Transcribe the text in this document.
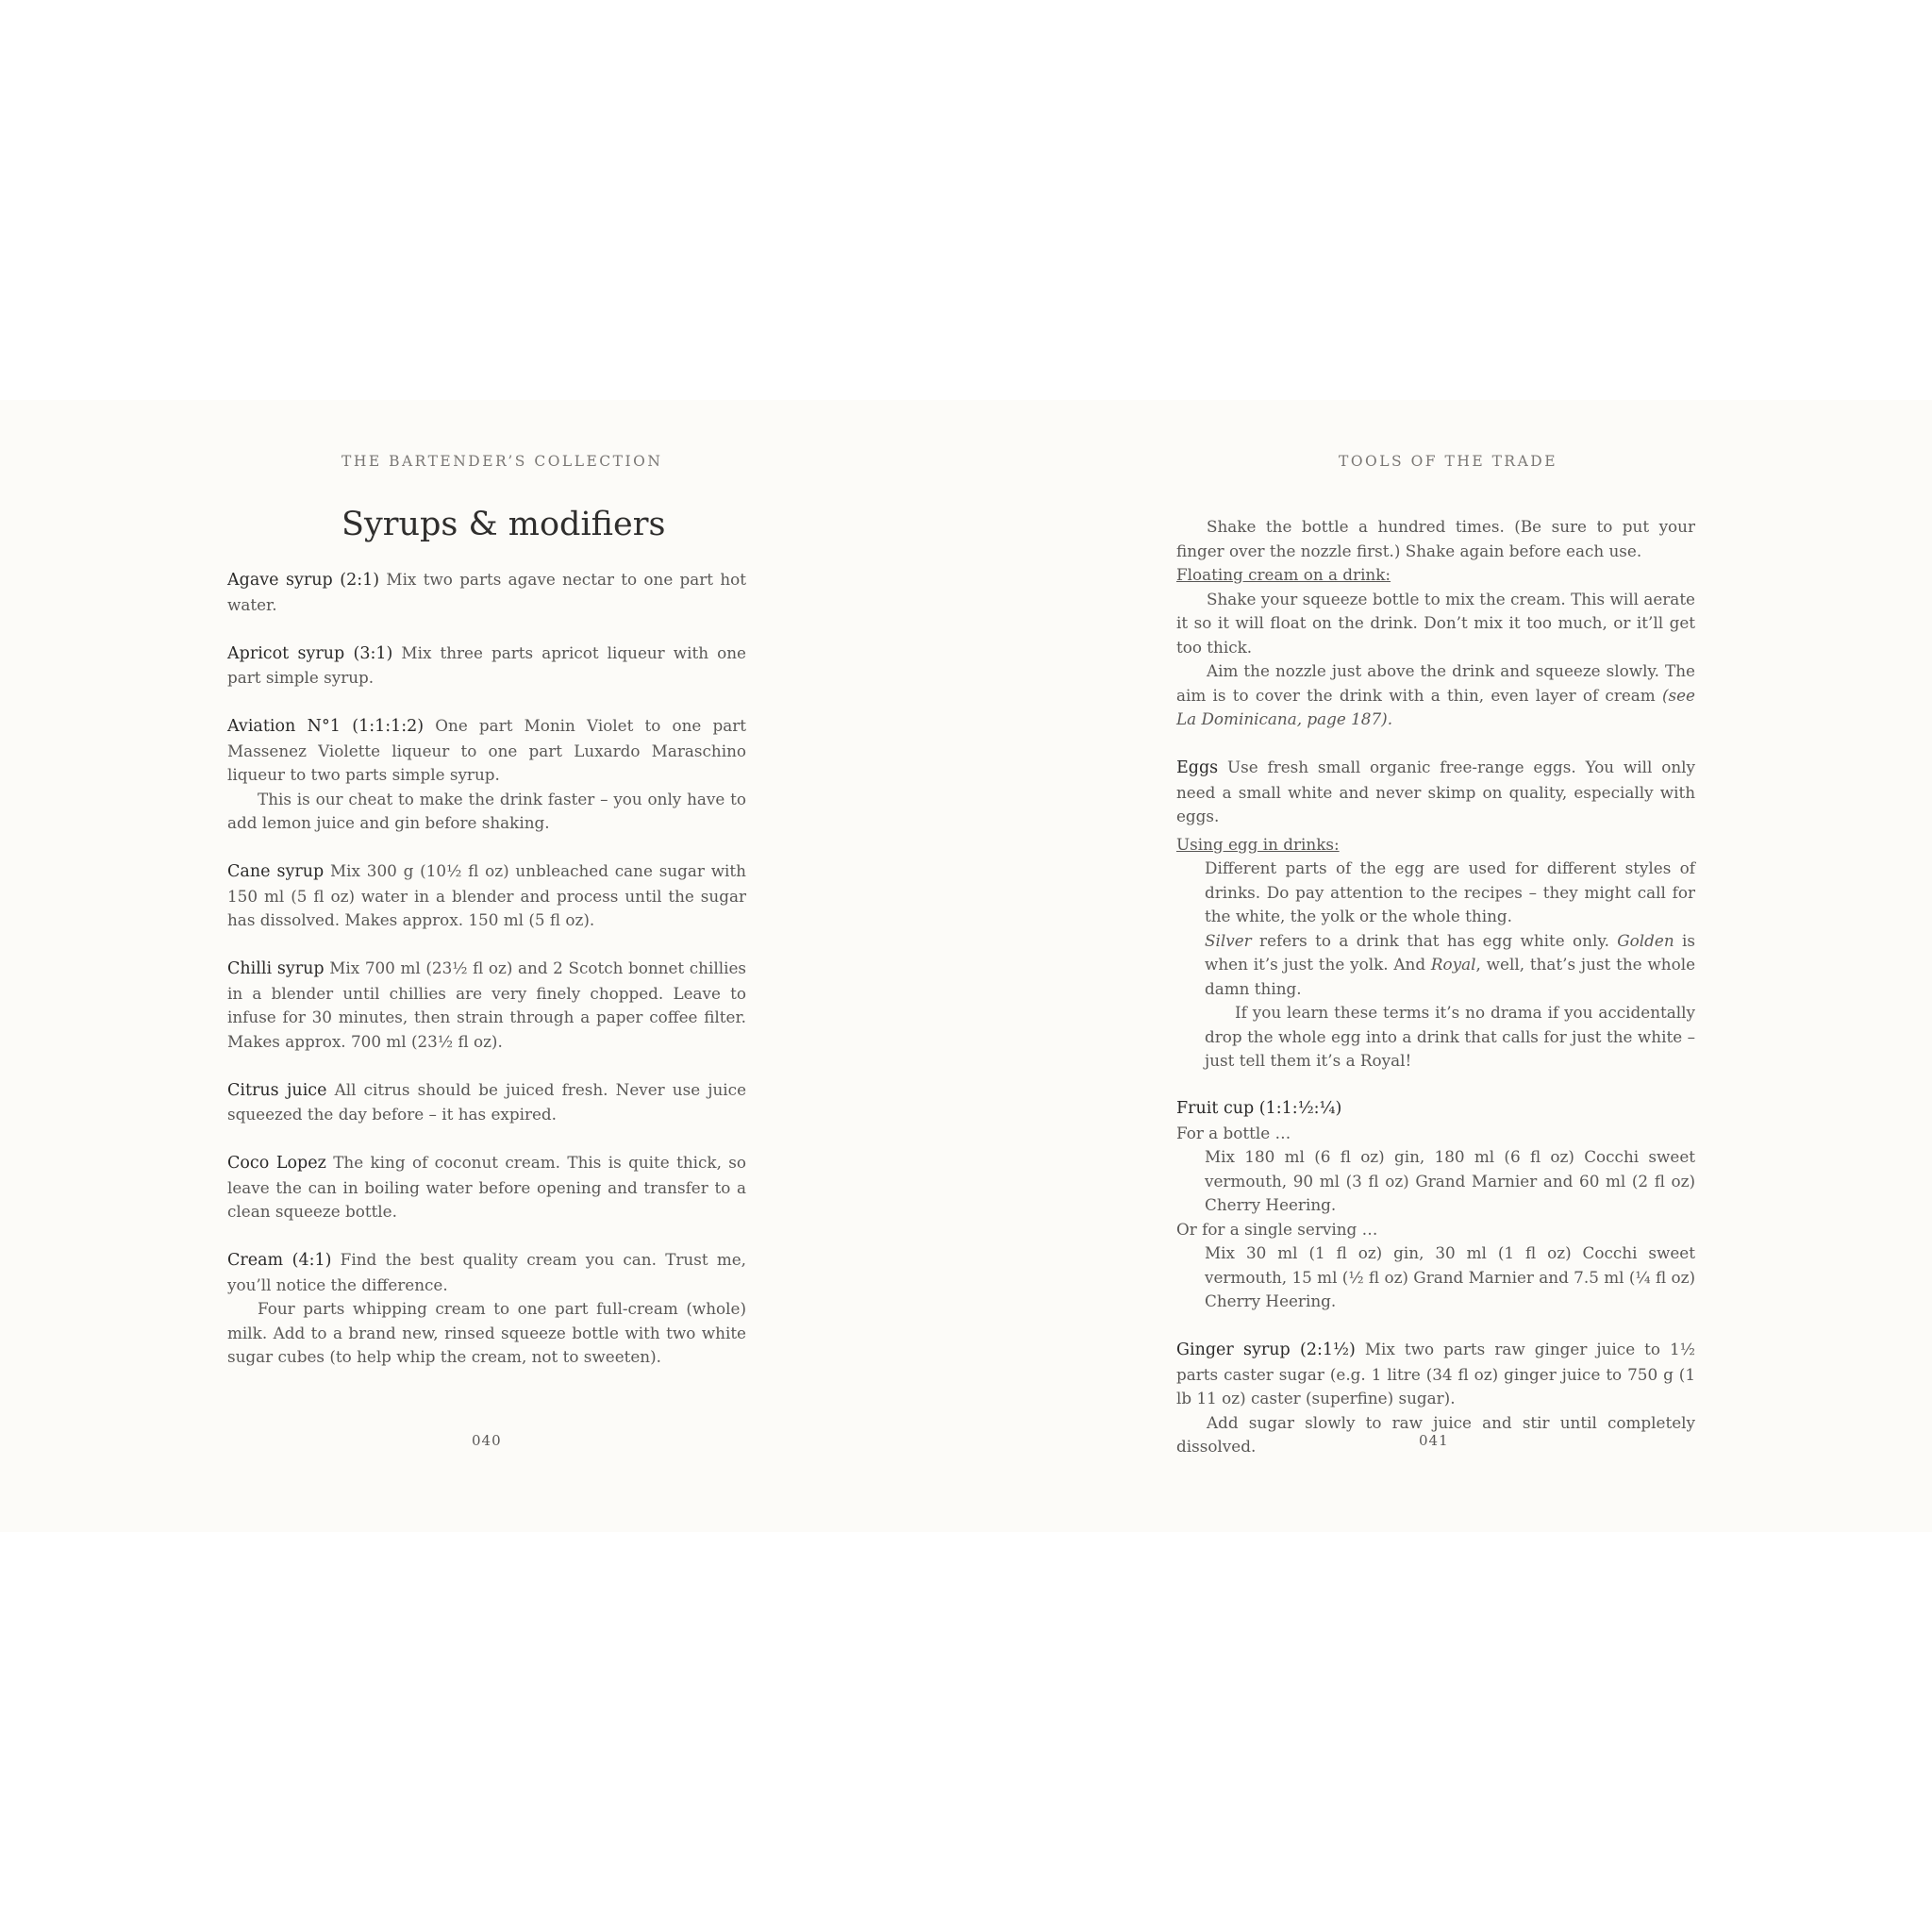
THE BARTENDER’S COLLECTION
Syrups & modifiers

Agave syrup (2:1) Mix two parts agave nectar to one part hot water.

Apricot syrup (3:1) Mix three parts apricot liqueur with one part simple syrup.

Aviation N°1 (1:1:1:2) One part Monin Violet to one part Massenez Violette liqueur to one part Luxardo Maraschino liqueur to two parts simple syrup.

This is our cheat to make the drink faster – you only have to add lemon juice and gin before shaking.

Cane syrup Mix 300 g (10½ fl oz) unbleached cane sugar with 150 ml (5 fl oz) water in a blender and process until the sugar has dissolved. Makes approx. 150 ml (5 fl oz).

Chilli syrup Mix 700 ml (23½ fl oz) and 2 Scotch bonnet chillies in a blender until chillies are very finely chopped. Leave to infuse for 30 minutes, then strain through a paper coffee filter. Makes approx. 700 ml (23½ fl oz).

Citrus juice All citrus should be juiced fresh. Never use juice squeezed the day before – it has expired.

Coco Lopez The king of coconut cream. This is quite thick, so leave the can in boiling water before opening and transfer to a clean squeeze bottle.

Cream (4:1) Find the best quality cream you can. Trust me, you’ll notice the difference.

Four parts whipping cream to one part full-cream (whole) milk. Add to a brand new, rinsed squeeze bottle with two white sugar cubes (to help whip the cream, not to sweeten).

040
TOOLS OF THE TRADE

Shake the bottle a hundred times. (Be sure to put your finger over the nozzle first.) Shake again before each use.

Floating cream on a drink:

Shake your squeeze bottle to mix the cream. This will aerate it so it will float on the drink. Don’t mix it too much, or it’ll get too thick.

Aim the nozzle just above the drink and squeeze slowly. The aim is to cover the drink with a thin, even layer of cream (see La Dominicana, page 187).

Eggs Use fresh small organic free-range eggs. You will only need a small white and never skimp on quality, especially with eggs.

Using egg in drinks:

Different parts of the egg are used for different styles of drinks. Do pay attention to the recipes – they might call for the white, the yolk or the whole thing.

Silver refers to a drink that has egg white only. Golden is when it’s just the yolk. And Royal, well, that’s just the whole damn thing.

If you learn these terms it’s no drama if you accidentally drop the whole egg into a drink that calls for just the white – just tell them it’s a Royal!

Fruit cup (1:1:½:¼)

For a bottle …

Mix 180 ml (6 fl oz) gin, 180 ml (6 fl oz) Cocchi sweet vermouth, 90 ml (3 fl oz) Grand Marnier and 60 ml (2 fl oz) Cherry Heering.

Or for a single serving …

Mix 30 ml (1 fl oz) gin, 30 ml (1 fl oz) Cocchi sweet vermouth, 15 ml (½ fl oz) Grand Marnier and 7.5 ml (¼ fl oz) Cherry Heering.

Ginger syrup (2:1½) Mix two parts raw ginger juice to 1½ parts caster sugar (e.g. 1 litre (34 fl oz) ginger juice to 750 g (1 lb 11 oz) caster (superfine) sugar).

Add sugar slowly to raw juice and stir until completely dissolved.	041
